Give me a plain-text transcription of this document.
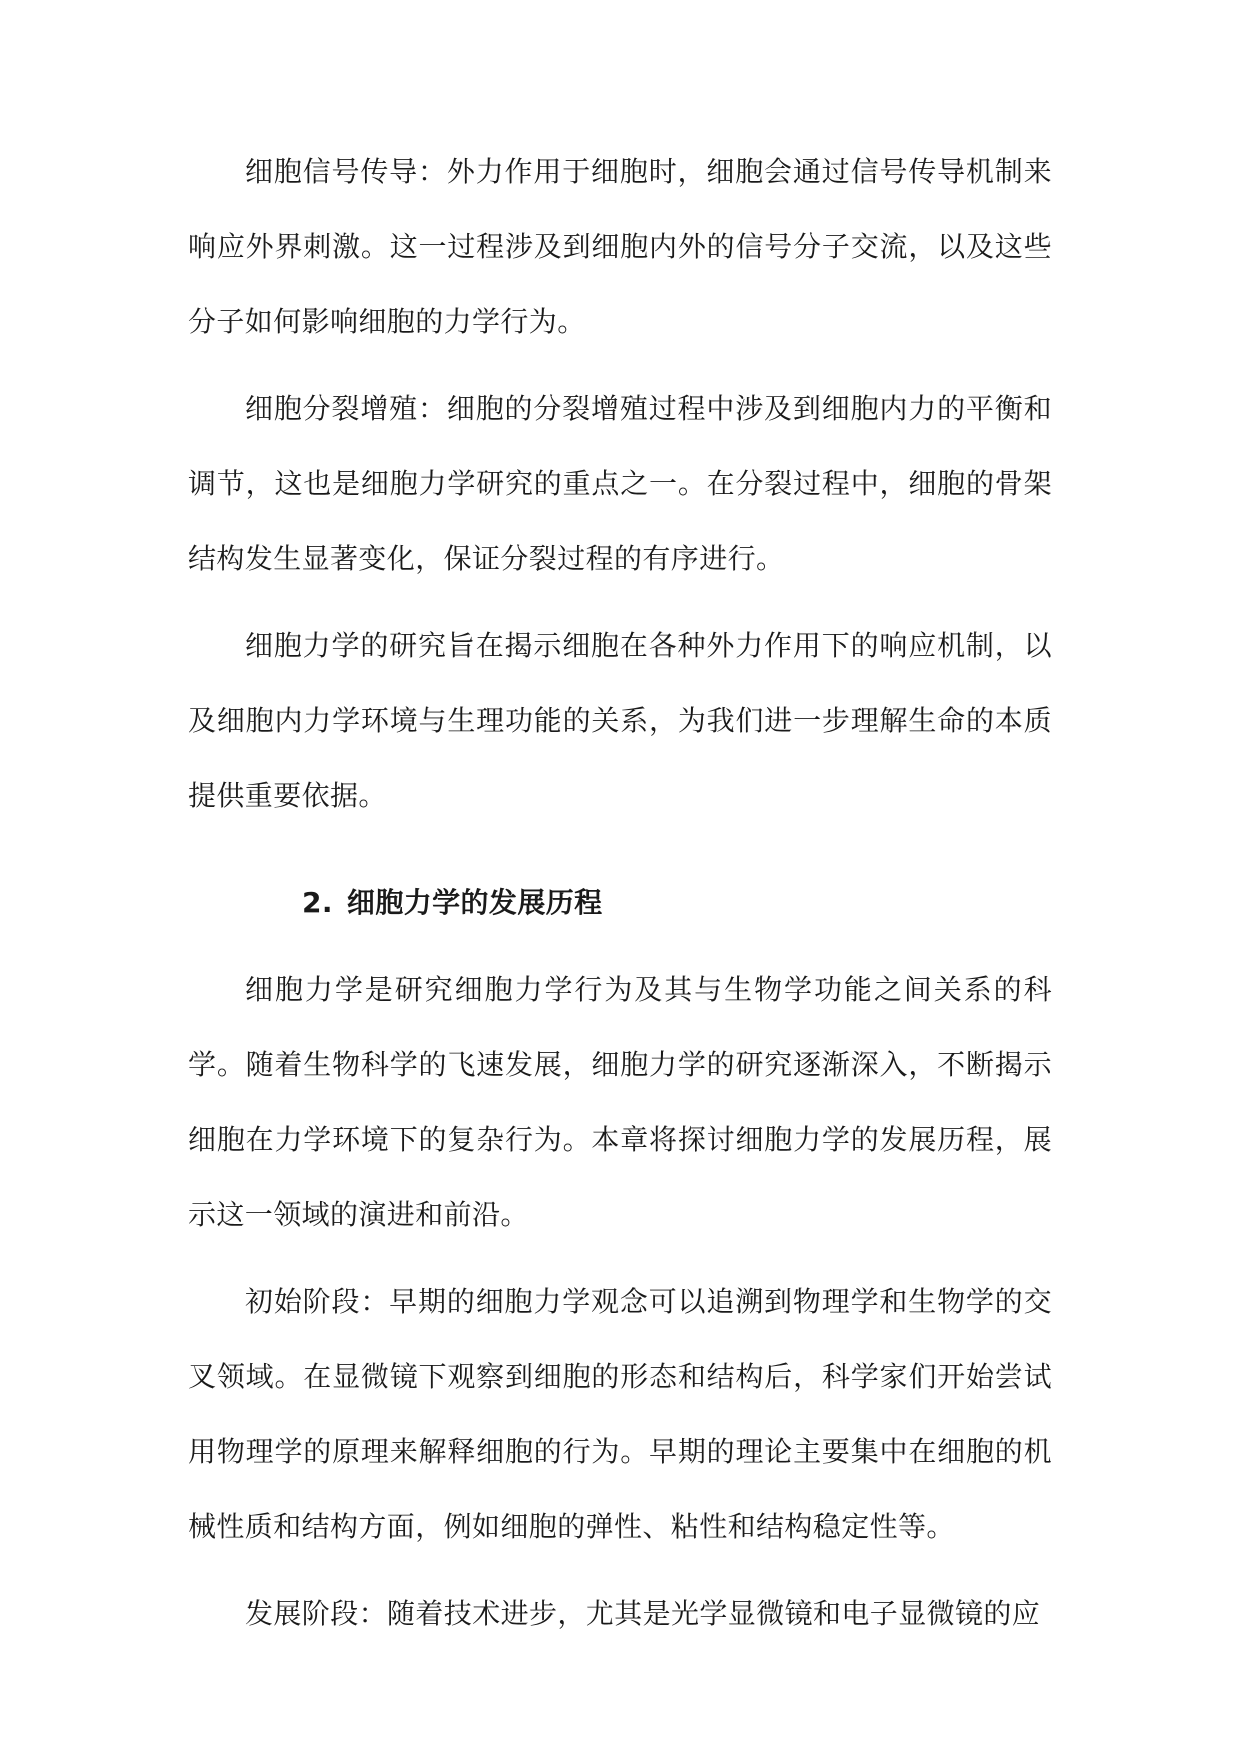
细胞信号传导：外力作用于细胞时，细胞会通过信号传导机制来响应外界刺激。这一过程涉及到细胞内外的信号分子交流，以及这些分子如何影响细胞的力学行为。

细胞分裂增殖：细胞的分裂增殖过程中涉及到细胞内力的平衡和调节，这也是细胞力学研究的重点之一。在分裂过程中，细胞的骨架结构发生显著变化，保证分裂过程的有序进行。

细胞力学的研究旨在揭示细胞在各种外力作用下的响应机制，以及细胞内力学环境与生理功能的关系，为我们进一步理解生命的本质提供重要依据。

2. 细胞力学的发展历程

细胞力学是研究细胞力学行为及其与生物学功能之间关系的科学。随着生物科学的飞速发展，细胞力学的研究逐渐深入，不断揭示细胞在力学环境下的复杂行为。本章将探讨细胞力学的发展历程，展示这一领域的演进和前沿。

初始阶段：早期的细胞力学观念可以追溯到物理学和生物学的交叉领域。在显微镜下观察到细胞的形态和结构后，科学家们开始尝试用物理学的原理来解释细胞的行为。早期的理论主要集中在细胞的机械性质和结构方面，例如细胞的弹性、粘性和结构稳定性等。

发展阶段：随着技术进步，尤其是光学显微镜和电子显微镜的应
